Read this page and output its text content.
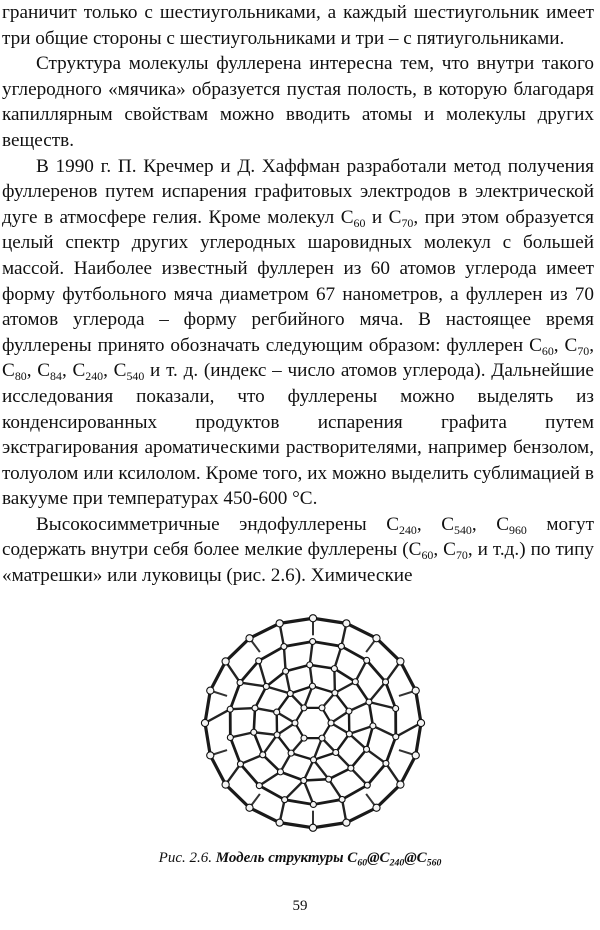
граничит только с шестиугольниками, а каждый шестиугольник имеет три общие стороны с шестиугольниками и три – с пятиугольниками.

Структура молекулы фуллерена интересна тем, что внутри такого углеродного «мячика» образуется пустая полость, в которую благодаря капиллярным свойствам можно вводить атомы и молекулы других веществ.

В 1990 г. П. Кречмер и Д. Хаффман разработали метод получения фуллеренов путем испарения графитовых электродов в электрической дуге в атмосфере гелия. Кроме молекул $C_{60}$ и $C_{70}$, при этом образуется целый спектр других углеродных шаровидных молекул с большей массой. Наиболее известный фуллерен из 60 атомов углерода имеет форму футбольного мяча диаметром 67 нанометров, а фуллерен из 70 атомов углерода – форму регбийного мяча. В настоящее время фуллерены принято обозначать следующим образом: фуллерен $C_{60}$, $C_{70}$, $C_{80}$, $C_{84}$, $C_{240}$, $C_{540}$ и т. д. (индекс – число атомов углерода). Дальнейшие исследования показали, что фуллерены можно выделять из конденсированных продуктов испарения графита путем экстрагирования ароматическими растворителями, например бензолом, толуолом или ксилолом. Кроме того, их можно выделить сублимацией в вакууме при температурах 450-600 °C.

Высокосимметричные эндофуллерены $C_{240}$, $C_{540}$, $C_{960}$ могут содержать внутри себя более мелкие фуллерены ($C_{60}$, $C_{70}$, и т.д.) по типу «матрешки» или луковицы (рис. 2.6). Химические

Рис. 2.6. Модель структуры $C_{60}@C_{240}@C_{560}$
59
